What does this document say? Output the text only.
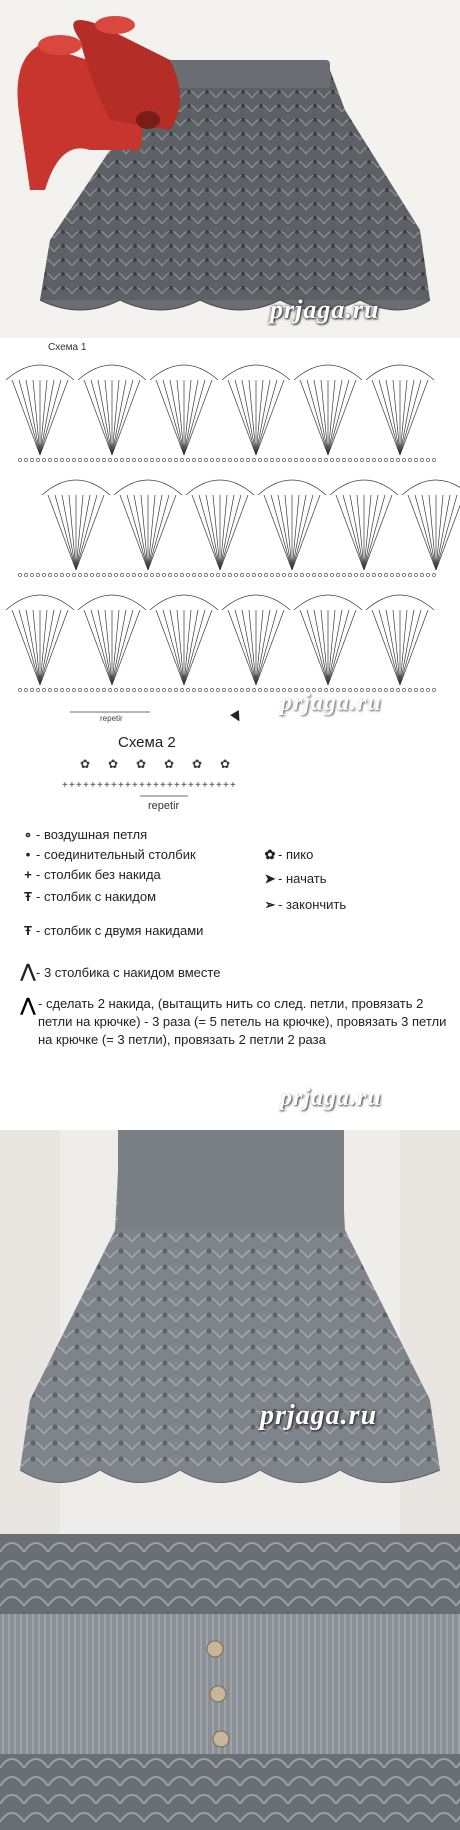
prjaga.ru
Схема 1
repetir
prjaga.ru
Схема 2
+ + + + + + + + + + + + + + + + + + + + + + + + +
✿ ✿ ✿ ✿ ✿ ✿
repetir
∘ - воздушная петля
• - соединительный столбик
+ - столбик без накида
Ŧ - столбик с накидом
Ŧ - столбик с двумя накидами
⋀- 3 столбика с накидом вместе
✿ - пико
➤ - начать
➢ - закончить
⋀ - сделать 2 накида, (вытащить нить со след. петли, провязать 2 петли на крючке) - 3 раза (= 5 петель на крючке), провязать 3 петли на крючке (= 3 петли), провязать 2 петли 2 раза
prjaga.ru
prjaga.ru
